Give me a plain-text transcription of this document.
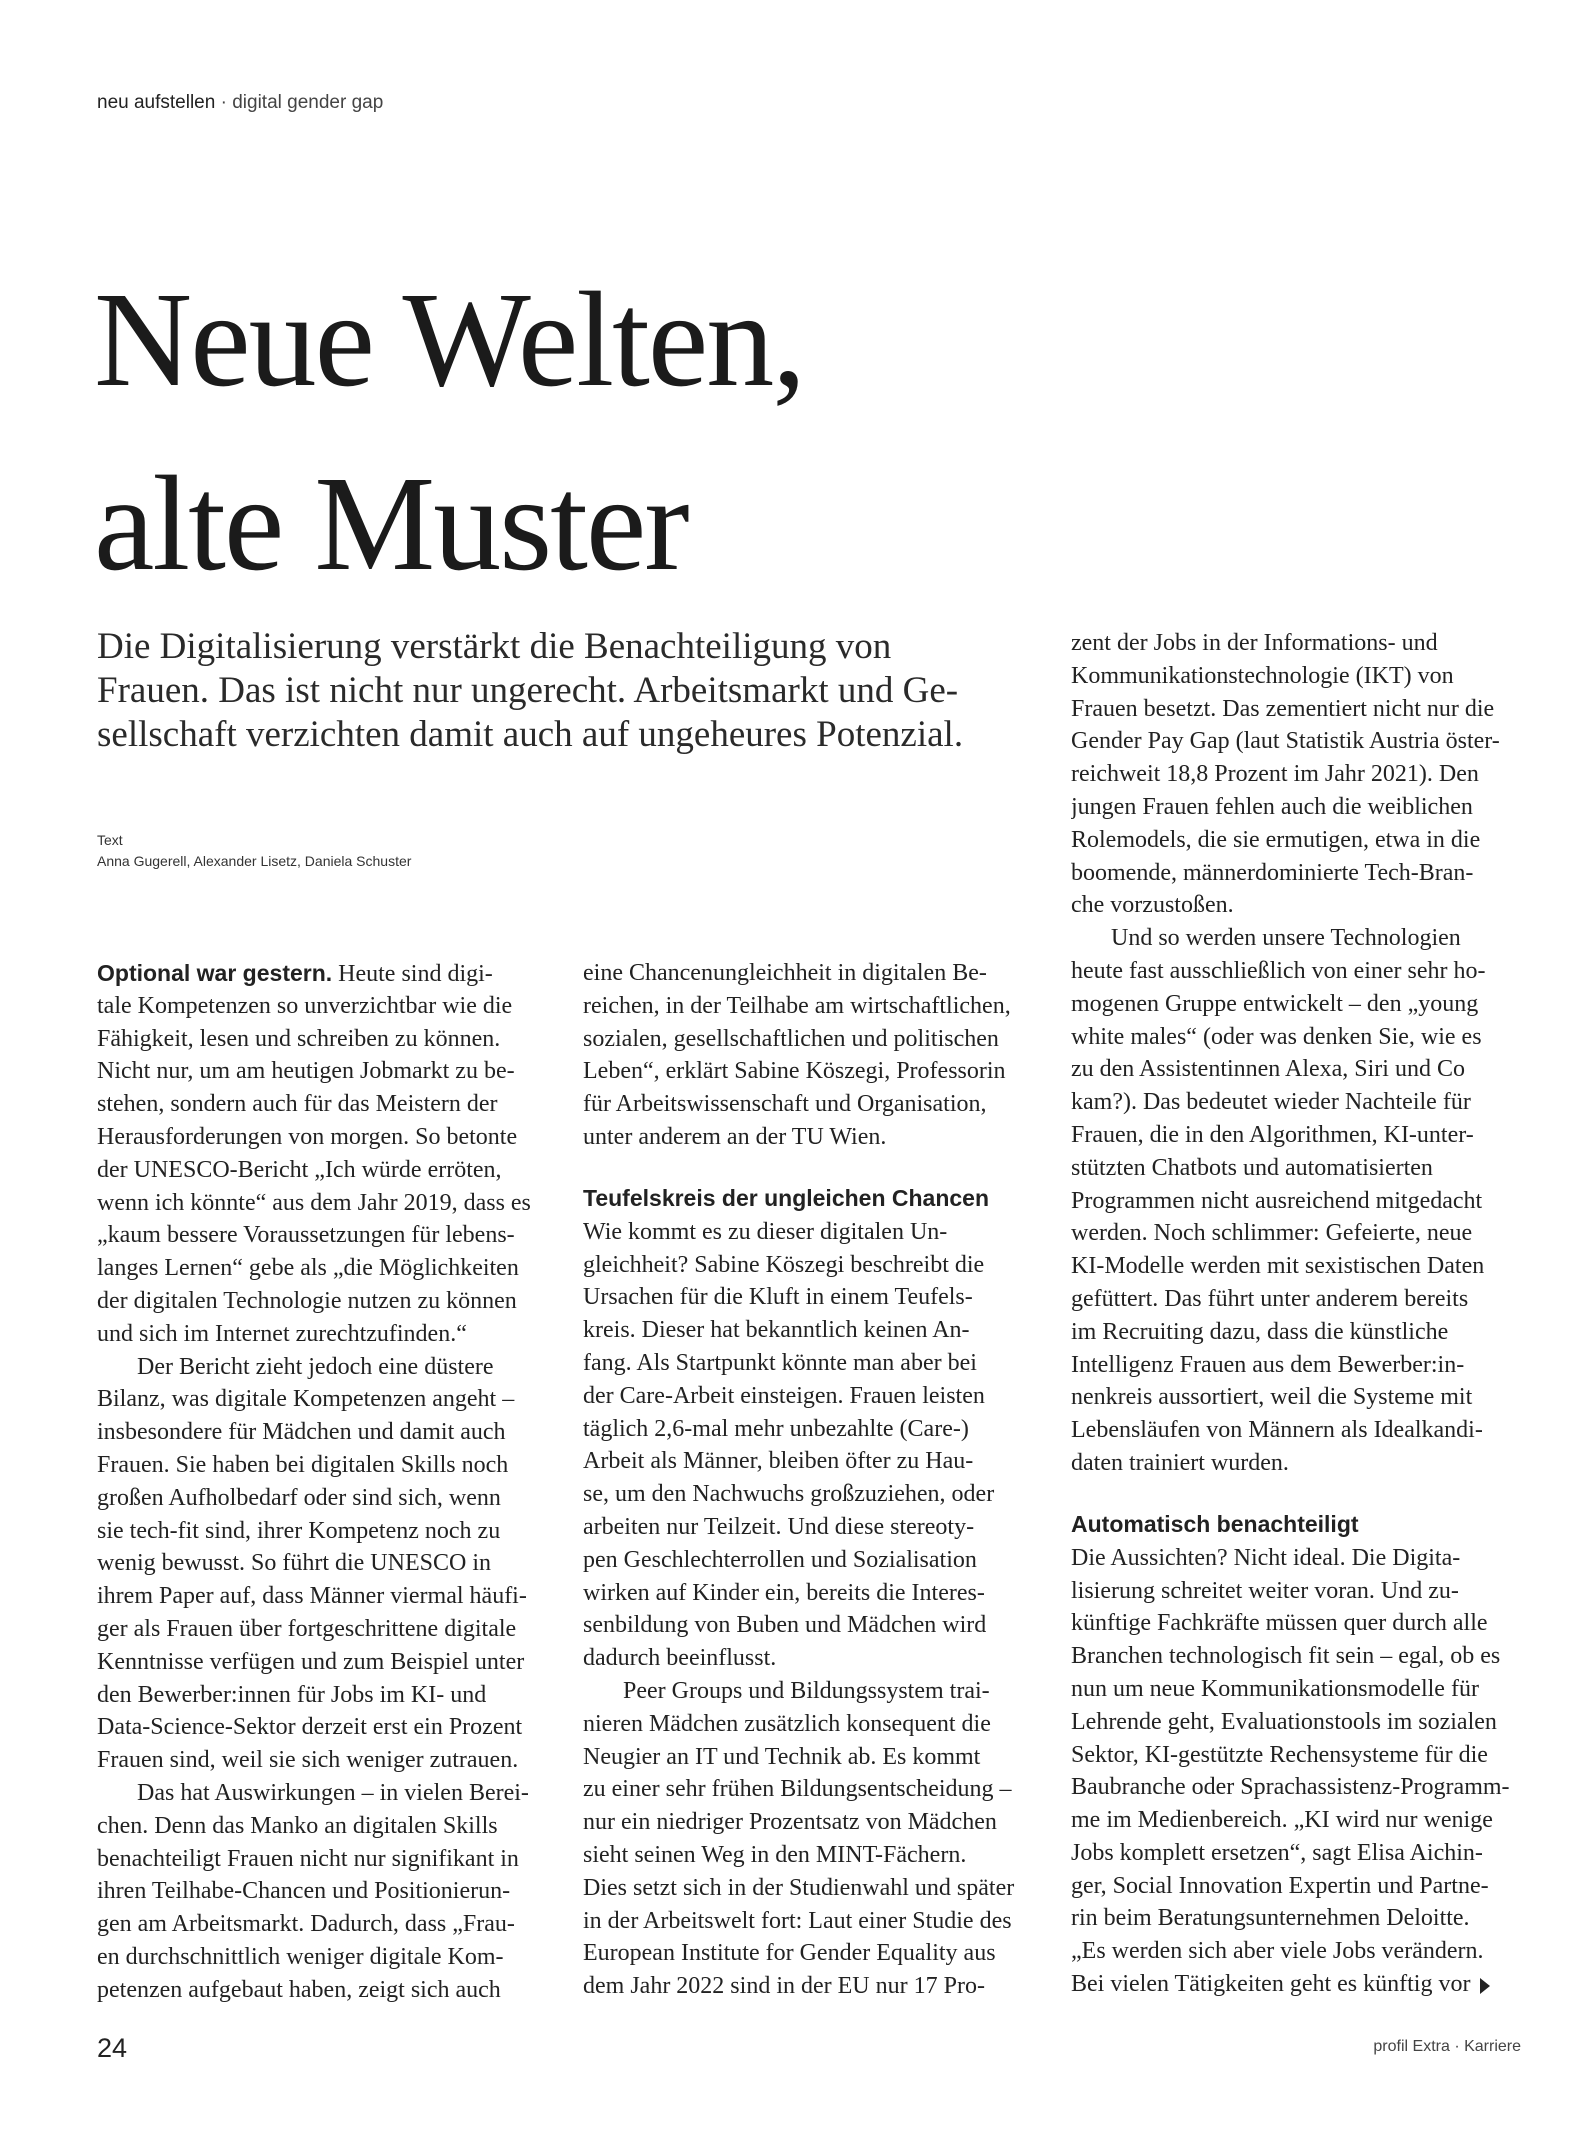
neu aufstellen · digital gender gap
Neue Welten,
alte Muster
Die Digitalisierung verstärkt die Benachteiligung von
Frauen. Das ist nicht nur ungerecht. Arbeitsmarkt und Ge-
sellschaft verzichten damit auch auf ungeheures Potenzial.
Text
Anna Gugerell, Alexander Lisetz, Daniela Schuster
Optional war gestern. Heute sind digi-
tale Kompetenzen so unverzichtbar wie die
Fähigkeit, lesen und schreiben zu können.
Nicht nur, um am heutigen Jobmarkt zu be-
stehen, sondern auch für das Meistern der
Herausforderungen von morgen. So betonte
der UNESCO-Bericht „Ich würde erröten,
wenn ich könnte“ aus dem Jahr 2019, dass es
„kaum bessere Voraussetzungen für lebens-
langes Lernen“ gebe als „die Möglichkeiten
der digitalen Technologie nutzen zu können
und sich im Internet zurechtzufinden.“
Der Bericht zieht jedoch eine düstere
Bilanz, was digitale Kompetenzen angeht –
insbesondere für Mädchen und damit auch
Frauen. Sie haben bei digitalen Skills noch
großen Aufholbedarf oder sind sich, wenn
sie tech-fit sind, ihrer Kompetenz noch zu
wenig bewusst. So führt die UNESCO in
ihrem Paper auf, dass Männer viermal häufi-
ger als Frauen über fortgeschrittene digitale
Kenntnisse verfügen und zum Beispiel unter
den Bewerber:innen für Jobs im KI- und
Data-Science-Sektor derzeit erst ein Prozent
Frauen sind, weil sie sich weniger zutrauen.
Das hat Auswirkungen – in vielen Berei-
chen. Denn das Manko an digitalen Skills
benachteiligt Frauen nicht nur signifikant in
ihren Teilhabe-Chancen und Positionierun-
gen am Arbeitsmarkt. Dadurch, dass „Frau-
en durchschnittlich weniger digitale Kom-
petenzen aufgebaut haben, zeigt sich auch
eine Chancenungleichheit in digitalen Be-
reichen, in der Teilhabe am wirtschaftlichen,
sozialen, gesellschaftlichen und politischen
Leben“, erklärt Sabine Köszegi, Professorin
für Arbeitswissenschaft und Organisation,
unter anderem an der TU Wien.
Teufelskreis der ungleichen Chancen
Wie kommt es zu dieser digitalen Un-
gleichheit? Sabine Köszegi beschreibt die
Ursachen für die Kluft in einem Teufels-
kreis. Dieser hat bekanntlich keinen An-
fang. Als Startpunkt könnte man aber bei
der Care-Arbeit einsteigen. Frauen leisten
täglich 2,6-mal mehr unbezahlte (Care-)
Arbeit als Männer, bleiben öfter zu Hau-
se, um den Nachwuchs großzuziehen, oder
arbeiten nur Teilzeit. Und diese stereoty-
pen Geschlechterrollen und Sozialisation
wirken auf Kinder ein, bereits die Interes-
senbildung von Buben und Mädchen wird
dadurch beeinflusst.
Peer Groups und Bildungssystem trai-
nieren Mädchen zusätzlich konsequent die
Neugier an IT und Technik ab. Es kommt
zu einer sehr frühen Bildungsentscheidung –
nur ein niedriger Prozentsatz von Mädchen
sieht seinen Weg in den MINT-Fächern.
Dies setzt sich in der Studienwahl und später
in der Arbeitswelt fort: Laut einer Studie des
European Institute for Gender Equality aus
dem Jahr 2022 sind in der EU nur 17 Pro-
zent der Jobs in der Informations- und
Kommunikationstechnologie (IKT) von
Frauen besetzt. Das zementiert nicht nur die
Gender Pay Gap (laut Statistik Austria öster-
reichweit 18,8 Prozent im Jahr 2021). Den
jungen Frauen fehlen auch die weiblichen
Rolemodels, die sie ermutigen, etwa in die
boomende, männerdominierte Tech-Bran-
che vorzustoßen.
Und so werden unsere Technologien
heute fast ausschließlich von einer sehr ho-
mogenen Gruppe entwickelt – den „young
white males“ (oder was denken Sie, wie es
zu den Assistentinnen Alexa, Siri und Co
kam?). Das bedeutet wieder Nachteile für
Frauen, die in den Algorithmen, KI-unter-
stützten Chatbots und automatisierten
Programmen nicht ausreichend mitgedacht
werden. Noch schlimmer: Gefeierte, neue
KI-Modelle werden mit sexistischen Daten
gefüttert. Das führt unter anderem bereits
im Recruiting dazu, dass die künstliche
Intelligenz Frauen aus dem Bewerber:in-
nenkreis aussortiert, weil die Systeme mit
Lebensläufen von Männern als Idealkandi-
daten trainiert wurden.
Automatisch benachteiligt
Die Aussichten? Nicht ideal. Die Digita-
lisierung schreitet weiter voran. Und zu-
künftige Fachkräfte müssen quer durch alle
Branchen technologisch fit sein – egal, ob es
nun um neue Kommunikationsmodelle für
Lehrende geht, Evaluationstools im sozialen
Sektor, KI-gestützte Rechensysteme für die
Baubranche oder Sprachassistenz-Programm-
me im Medienbereich. „KI wird nur wenige
Jobs komplett ersetzen“, sagt Elisa Aichin-
ger, Social Innovation Expertin und Partne-
rin beim Beratungsunternehmen Deloitte.
„Es werden sich aber viele Jobs verändern.
Bei vielen Tätigkeiten geht es künftig vor
24	profil Extra · Karriere
